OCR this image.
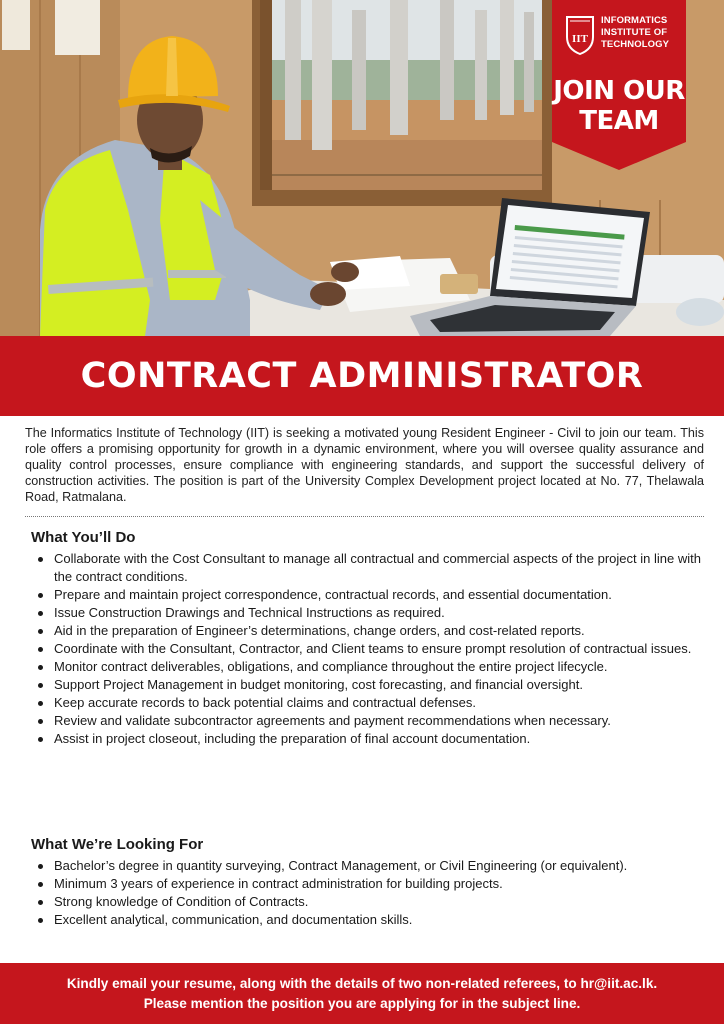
IIT
INFORMATICS
INSTITUTE OF
TECHNOLOGY
JOIN OUR
TEAM
CONTRACT ADMINISTRATOR

The Informatics Institute of Technology (IIT) is seeking a motivated young Resident Engineer - Civil to join our team. This role offers a promising opportunity for growth in a dynamic environment, where you will oversee quality assurance and quality control processes, ensure compliance with engineering standards, and support the successful delivery of construction activities. The position is part of the University Complex Development project located at No. 77, Thelawala Road, Ratmalana.

What You’ll Do
Collaborate with the Cost Consultant to manage all contractual and commercial aspects of the project in line with the contract conditions.
Prepare and maintain project correspondence, contractual records, and essential documentation.
Issue Construction Drawings and Technical Instructions as required.
Aid in the preparation of Engineer’s determinations, change orders, and cost-related reports.
Coordinate with the Consultant, Contractor, and Client teams to ensure prompt resolution of contractual issues.
Monitor contract deliverables, obligations, and compliance throughout the entire project lifecycle.
Support Project Management in budget monitoring, cost forecasting, and financial oversight.
Keep accurate records to back potential claims and contractual defenses.
Review and validate subcontractor agreements and payment recommendations when necessary.
Assist in project closeout, including the preparation of final account documentation.
What We’re Looking For
Bachelor’s degree in quantity surveying, Contract Management, or Civil Engineering (or equivalent).
Minimum 3 years of experience in contract administration for building projects.
Strong knowledge of Condition of Contracts.
Excellent analytical, communication, and documentation skills.
Kindly email your resume, along with the details of two non-related referees, to hr@iit.ac.lk.
Please mention the position you are applying for in the subject line.
